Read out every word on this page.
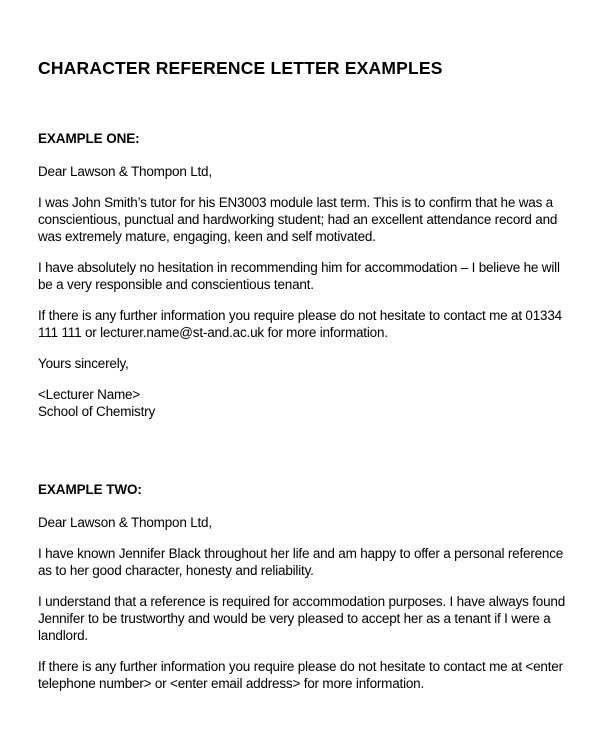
CHARACTER REFERENCE LETTER EXAMPLES
EXAMPLE ONE:

Dear Lawson & Thompon Ltd,

I was John Smith’s tutor for his EN3003 module last term. This is to confirm that he was a conscientious, punctual and hardworking student; had an excellent attendance record and was extremely mature, engaging, keen and self motivated.

I have absolutely no hesitation in recommending him for accommodation – I believe he will be a very responsible and conscientious tenant.

If there is any further information you require please do not hesitate to contact me at 01334 111 111 or lecturer.name@st-and.ac.uk for more information.

Yours sincerely,

<Lecturer Name>
School of Chemistry
EXAMPLE TWO:

Dear Lawson & Thompon Ltd,

I have known Jennifer Black throughout her life and am happy to offer a personal reference as to her good character, honesty and reliability.

I understand that a reference is required for accommodation purposes. I have always found Jennifer to be trustworthy and would be very pleased to accept her as a tenant if I were a landlord.

If there is any further information you require please do not hesitate to contact me at <enter telephone number> or <enter email address> for more information.
